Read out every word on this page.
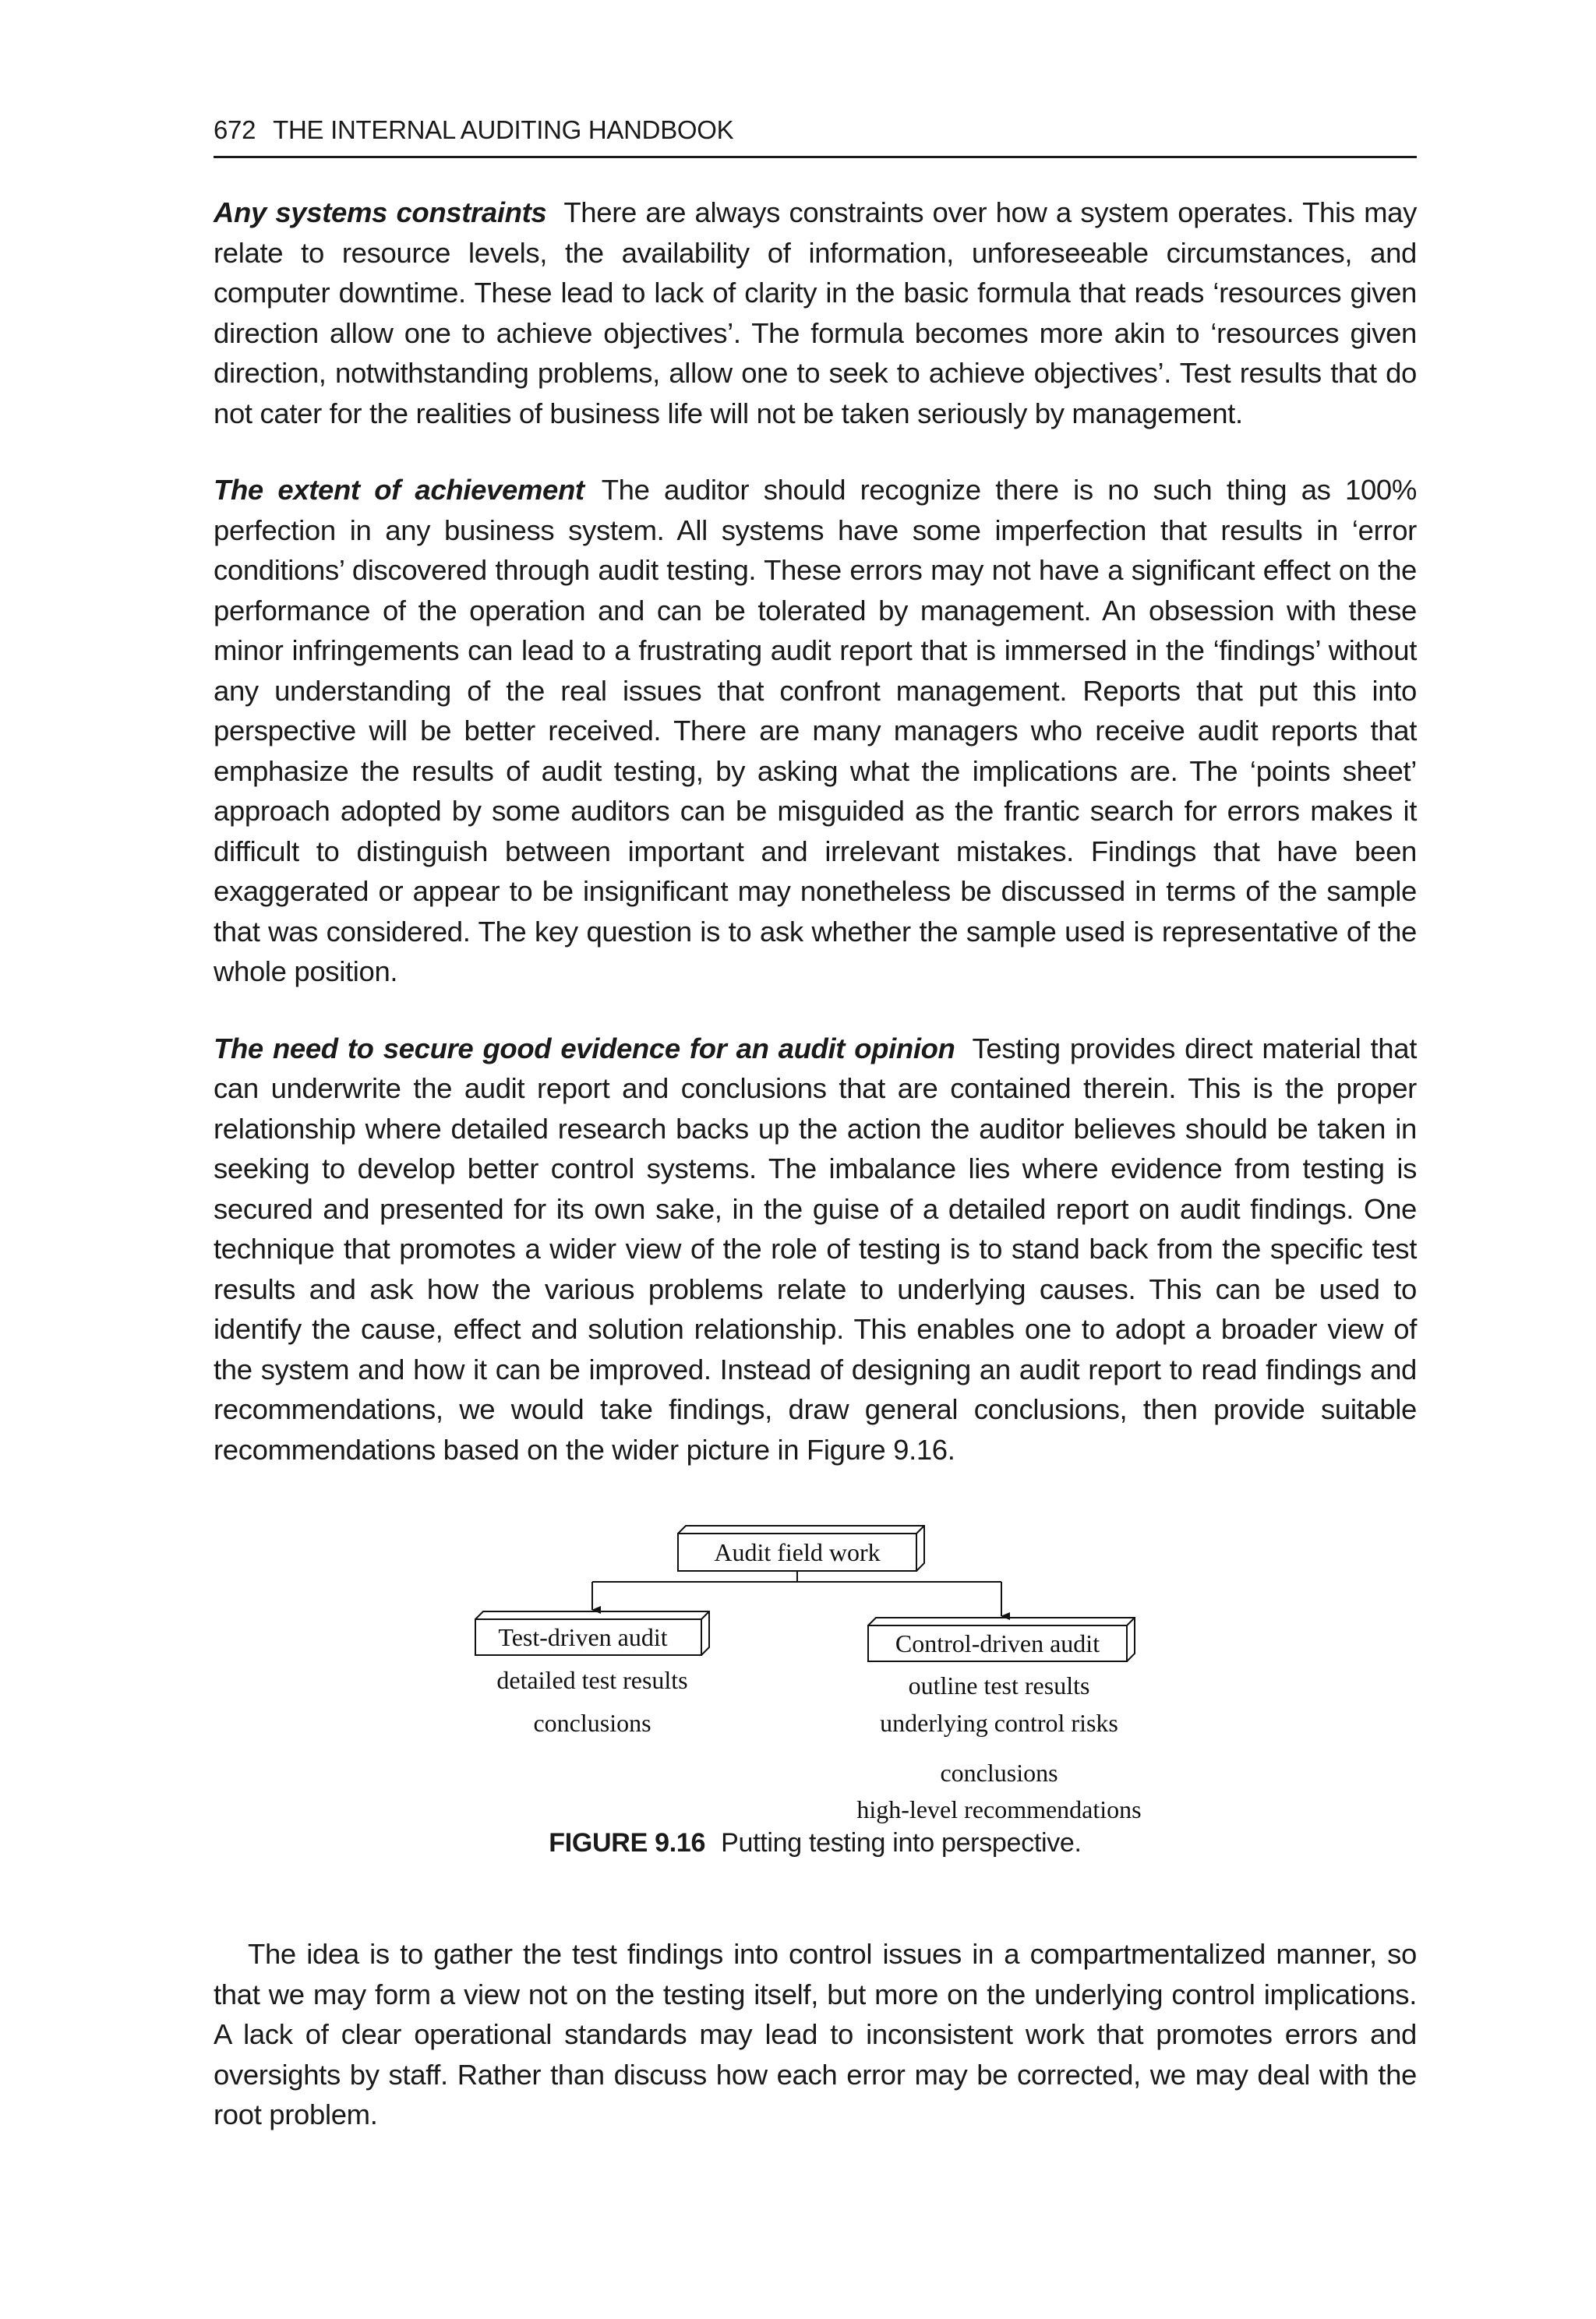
672 THE INTERNAL AUDITING HANDBOOK

Any systems constraints There are always constraints over how a system operates. This may relate to resource levels, the availability of information, unforeseeable circumstances, and computer downtime. These lead to lack of clarity in the basic formula that reads ‘resources given direction allow one to achieve objectives’. The formula becomes more akin to ‘resources given direction, notwithstanding problems, allow one to seek to achieve objectives’. Test results that do not cater for the realities of business life will not be taken seriously by management.

The extent of achievement The auditor should recognize there is no such thing as 100% perfection in any business system. All systems have some imperfection that results in ‘error conditions’ discovered through audit testing. These errors may not have a significant effect on the performance of the operation and can be tolerated by management. An obsession with these minor infringements can lead to a frustrating audit report that is immersed in the ‘findings’ without any understanding of the real issues that confront management. Reports that put this into perspective will be better received. There are many managers who receive audit reports that emphasize the results of audit testing, by asking what the implications are. The ‘points sheet’ approach adopted by some auditors can be misguided as the frantic search for errors makes it difficult to distinguish between important and irrelevant mistakes. Findings that have been exaggerated or appear to be insignificant may nonetheless be discussed in terms of the sample that was considered. The key question is to ask whether the sample used is representative of the whole position.

The need to secure good evidence for an audit opinion Testing provides direct material that can underwrite the audit report and conclusions that are contained therein. This is the proper relationship where detailed research backs up the action the auditor believes should be taken in seeking to develop better control systems. The imbalance lies where evidence from testing is secured and presented for its own sake, in the guise of a detailed report on audit findings. One technique that promotes a wider view of the role of testing is to stand back from the specific test results and ask how the various problems relate to underlying causes. This can be used to identify the cause, effect and solution relationship. This enables one to adopt a broader view of the system and how it can be improved. Instead of designing an audit report to read findings and recommendations, we would take findings, draw general conclusions, then provide suitable recommendations based on the wider picture in Figure 9.16.

Audit field work
Test-driven audit
detailed test results
conclusions
Control-driven audit
outline test results
underlying control risks
conclusions
high-level recommendations
FIGURE 9.16 Putting testing into perspective.

The idea is to gather the test findings into control issues in a compartmentalized manner, so that we may form a view not on the testing itself, but more on the underlying control implications. A lack of clear operational standards may lead to inconsistent work that promotes errors and oversights by staff. Rather than discuss how each error may be corrected, we may deal with the root problem.
